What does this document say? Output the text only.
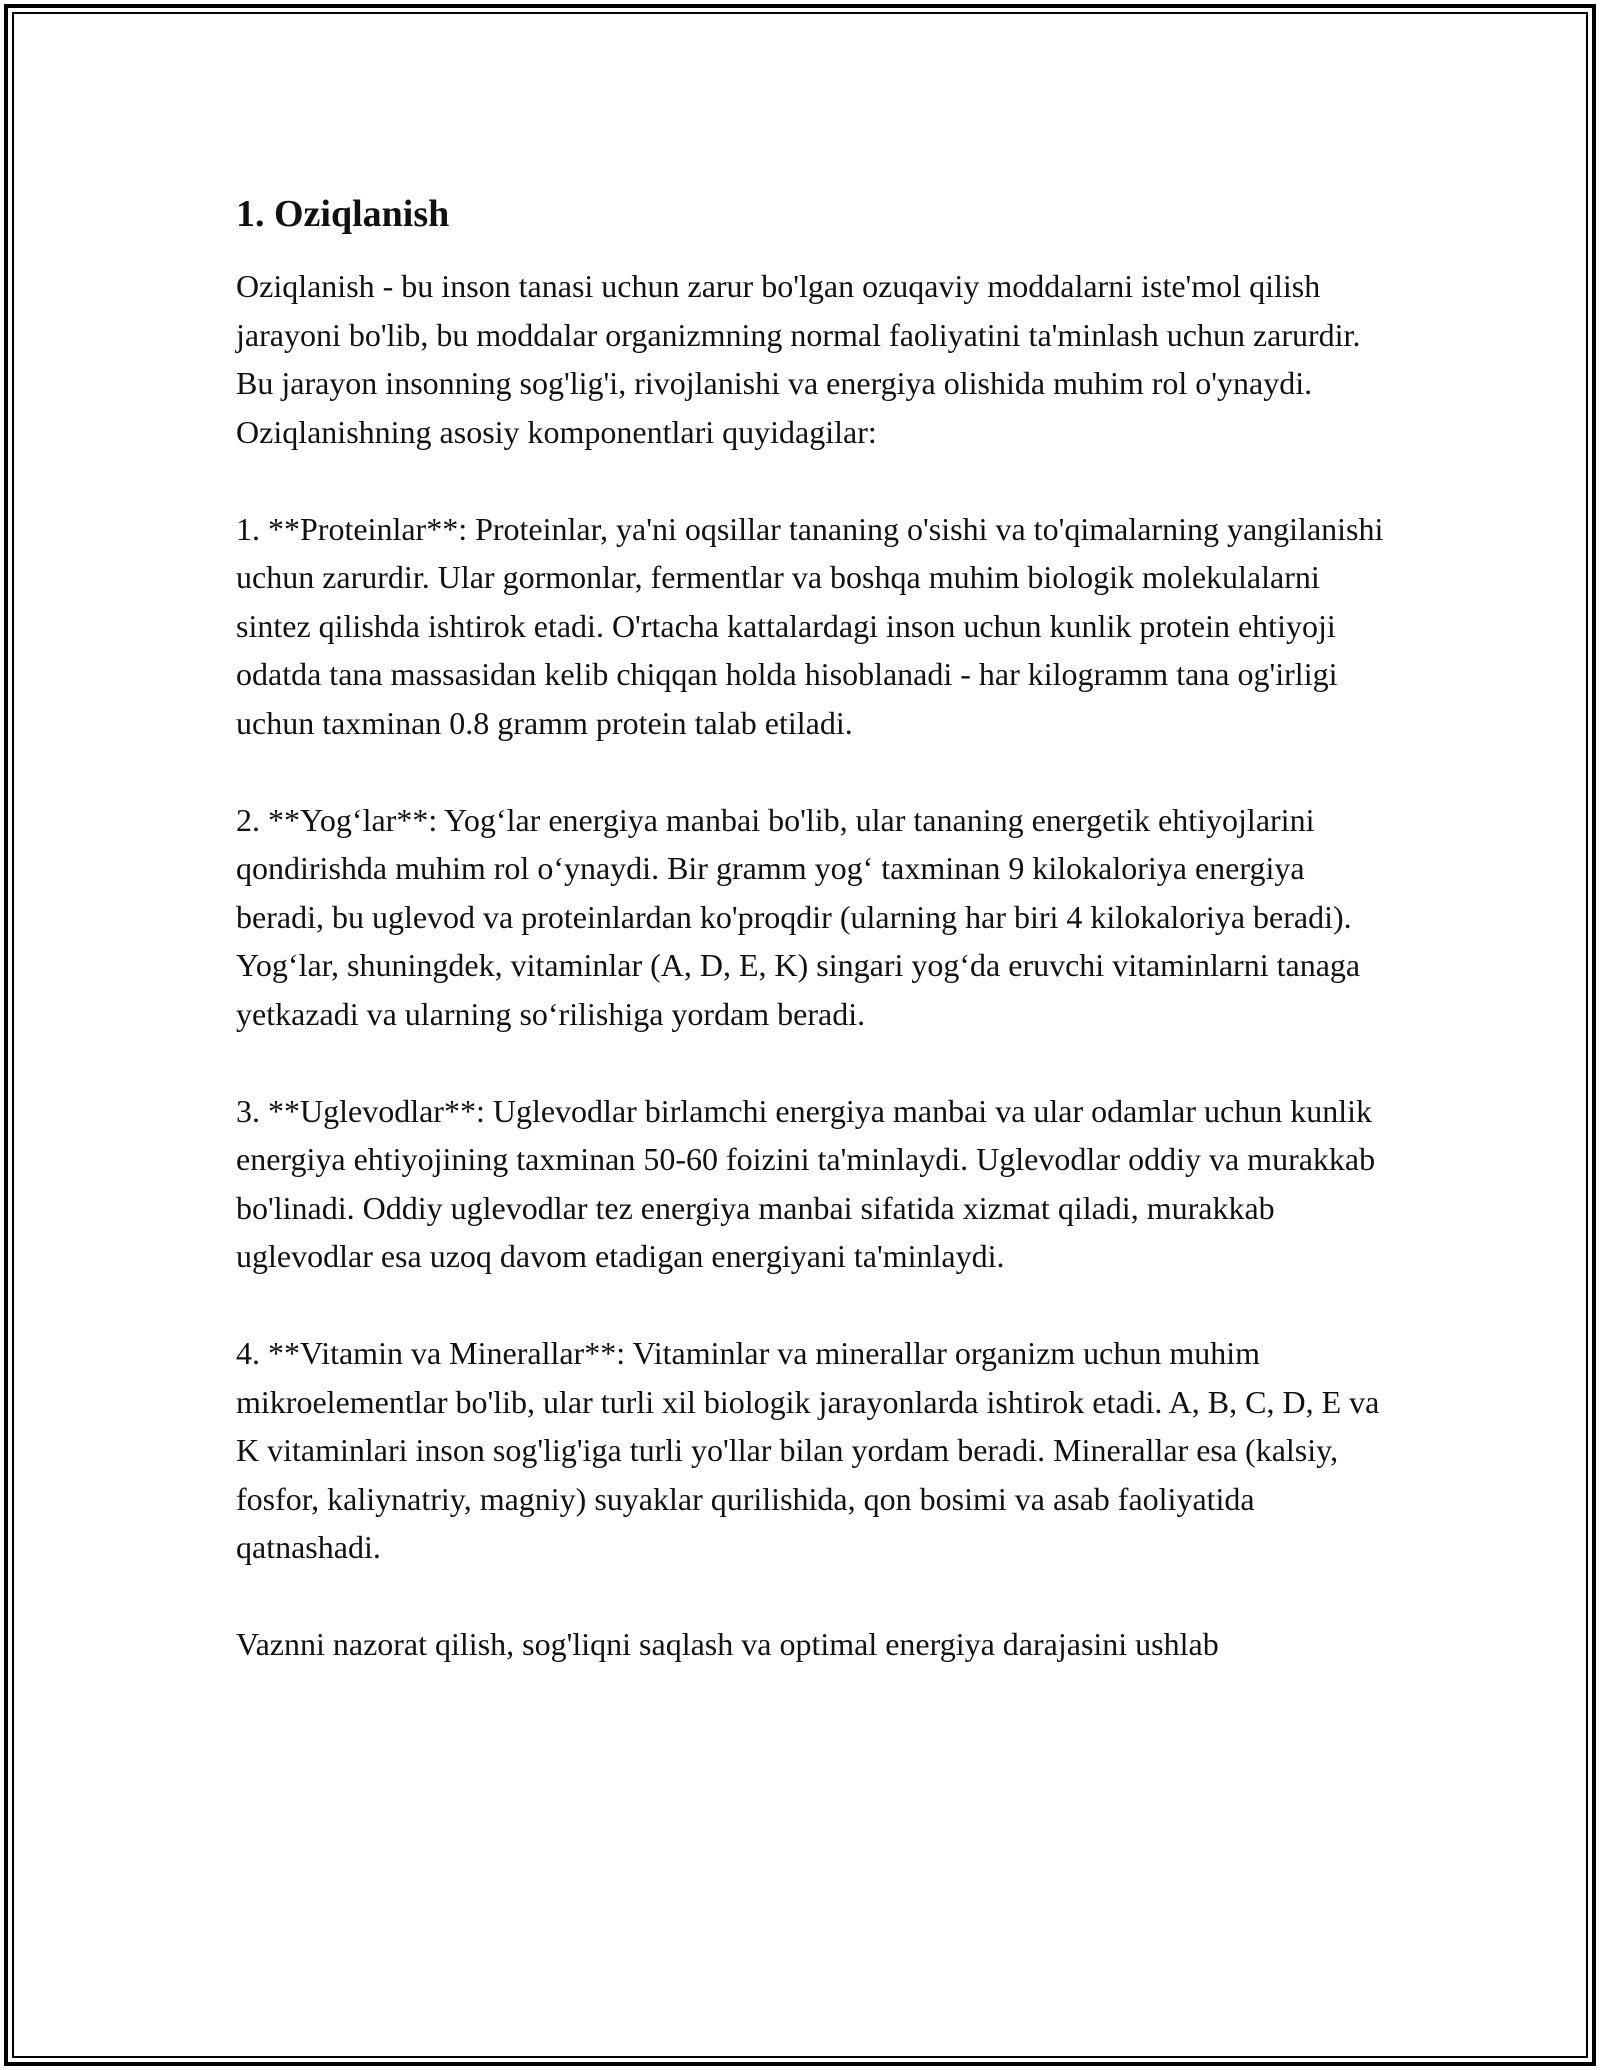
1. Oziqlanish

Oziqlanish - bu inson tanasi uchun zarur bo'lgan ozuqaviy moddalarni iste'mol qilish jarayoni bo'lib, bu moddalar organizmning normal faoliyatini ta'minlash uchun zarurdir. Bu jarayon insonning sog'lig'i, rivojlanishi va energiya olishida muhim rol o'ynaydi. Oziqlanishning asosiy komponentlari quyidagilar:

1. **Proteinlar**: Proteinlar, ya'ni oqsillar tananing o'sishi va to'qimalarning yangilanishi uchun zarurdir. Ular gormonlar, fermentlar va boshqa muhim biologik molekulalarni sintez qilishda ishtirok etadi. O'rtacha kattalardagi inson uchun kunlik protein ehtiyoji odatda tana massasidan kelib chiqqan holda hisoblanadi - har kilogramm tana og'irligi uchun taxminan 0.8 gramm protein talab etiladi.

2. **Yog‘lar**: Yog‘lar energiya manbai bo'lib, ular tananing energetik ehtiyojlarini qondirishda muhim rol o‘ynaydi. Bir gramm yog‘ taxminan 9 kilokaloriya energiya beradi, bu uglevod va proteinlardan ko'proqdir (ularning har biri 4 kilokaloriya beradi). Yog‘lar, shuningdek, vitaminlar (A, D, E, K) singari yog‘da eruvchi vitaminlarni tanaga yetkazadi va ularning so‘rilishiga yordam beradi.

3. **Uglevodlar**: Uglevodlar birlamchi energiya manbai va ular odamlar uchun kunlik energiya ehtiyojining taxminan 50-60 foizini ta'minlaydi. Uglevodlar oddiy va murakkab bo'linadi. Oddiy uglevodlar tez energiya manbai sifatida xizmat qiladi, murakkab uglevodlar esa uzoq davom etadigan energiyani ta'minlaydi.

4. **Vitamin va Minerallar**: Vitaminlar va minerallar organizm uchun muhim mikroelementlar bo'lib, ular turli xil biologik jarayonlarda ishtirok etadi. A, B, C, D, E va K vitaminlari inson sog'lig'iga turli yo'llar bilan yordam beradi. Minerallar esa (kalsiy, fosfor, kaliynatriy, magniy) suyaklar qurilishida, qon bosimi va asab faoliyatida qatnashadi.

Vaznni nazorat qilish, sog'liqni saqlash va optimal energiya darajasini ushlab
